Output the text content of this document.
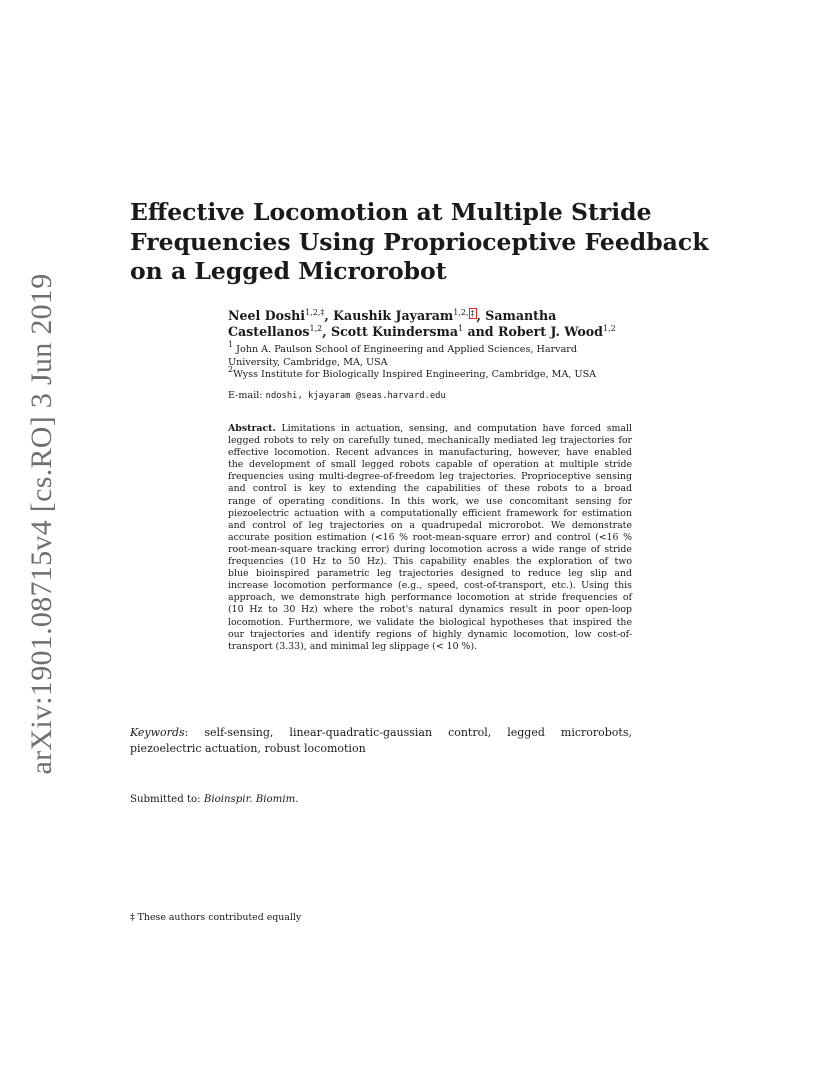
arXiv:1901.08715v4 [cs.RO] 3 Jun 2019
Effective Locomotion at Multiple Stride
Frequencies Using Proprioceptive Feedback
on a Legged Microrobot
Neel Doshi$^{1,2,\ddagger}$, Kaushik Jayaram$^{1,2,}$ ‡ , Samantha
Castellanos$^{1,2}$, Scott Kuindersma$^1$ and Robert J. Wood$^{1,2}$
$^1$ John A. Paulson School of Engineering and Applied Sciences, Harvard University, Cambridge, MA, USA
$^2$Wyss Institute for Biologically Inspired Engineering, Cambridge, MA, USA
E-mail: ndoshi, kjayaram @seas.harvard.edu
Abstract. Limitations in actuation, sensing, and computation have forced small
legged robots to rely on carefully tuned, mechanically mediated leg trajectories for
effective locomotion. Recent advances in manufacturing, however, have enabled
the development of small legged robots capable of operation at multiple stride
frequencies using multi-degree-of-freedom leg trajectories. Proprioceptive sensing
and control is key to extending the capabilities of these robots to a broad
range of operating conditions. In this work, we use concomitant sensing for
piezoelectric actuation with a computationally efficient framework for estimation
and control of leg trajectories on a quadrupedal microrobot. We demonstrate
accurate position estimation (<16 % root-mean-square error) and control (<16 %
root-mean-square tracking error) during locomotion across a wide range of stride
frequencies (10 Hz to 50 Hz). This capability enables the exploration of two
blue bioinspired parametric leg trajectories designed to reduce leg slip and
increase locomotion performance (e.g., speed, cost-of-transport, etc.). Using this
approach, we demonstrate high performance locomotion at stride frequencies of
(10 Hz to 30 Hz) where the robot's natural dynamics result in poor open-loop
locomotion. Furthermore, we validate the biological hypotheses that inspired the
our trajectories and identify regions of highly dynamic locomotion, low cost-of-
transport (3.33), and minimal leg slippage (< 10 %).
Keywords: self-sensing, linear-quadratic-gaussian control, legged microrobots,
piezoelectric actuation, robust locomotion
Submitted to: Bioinspir. Biomim.
‡ These authors contributed equally
